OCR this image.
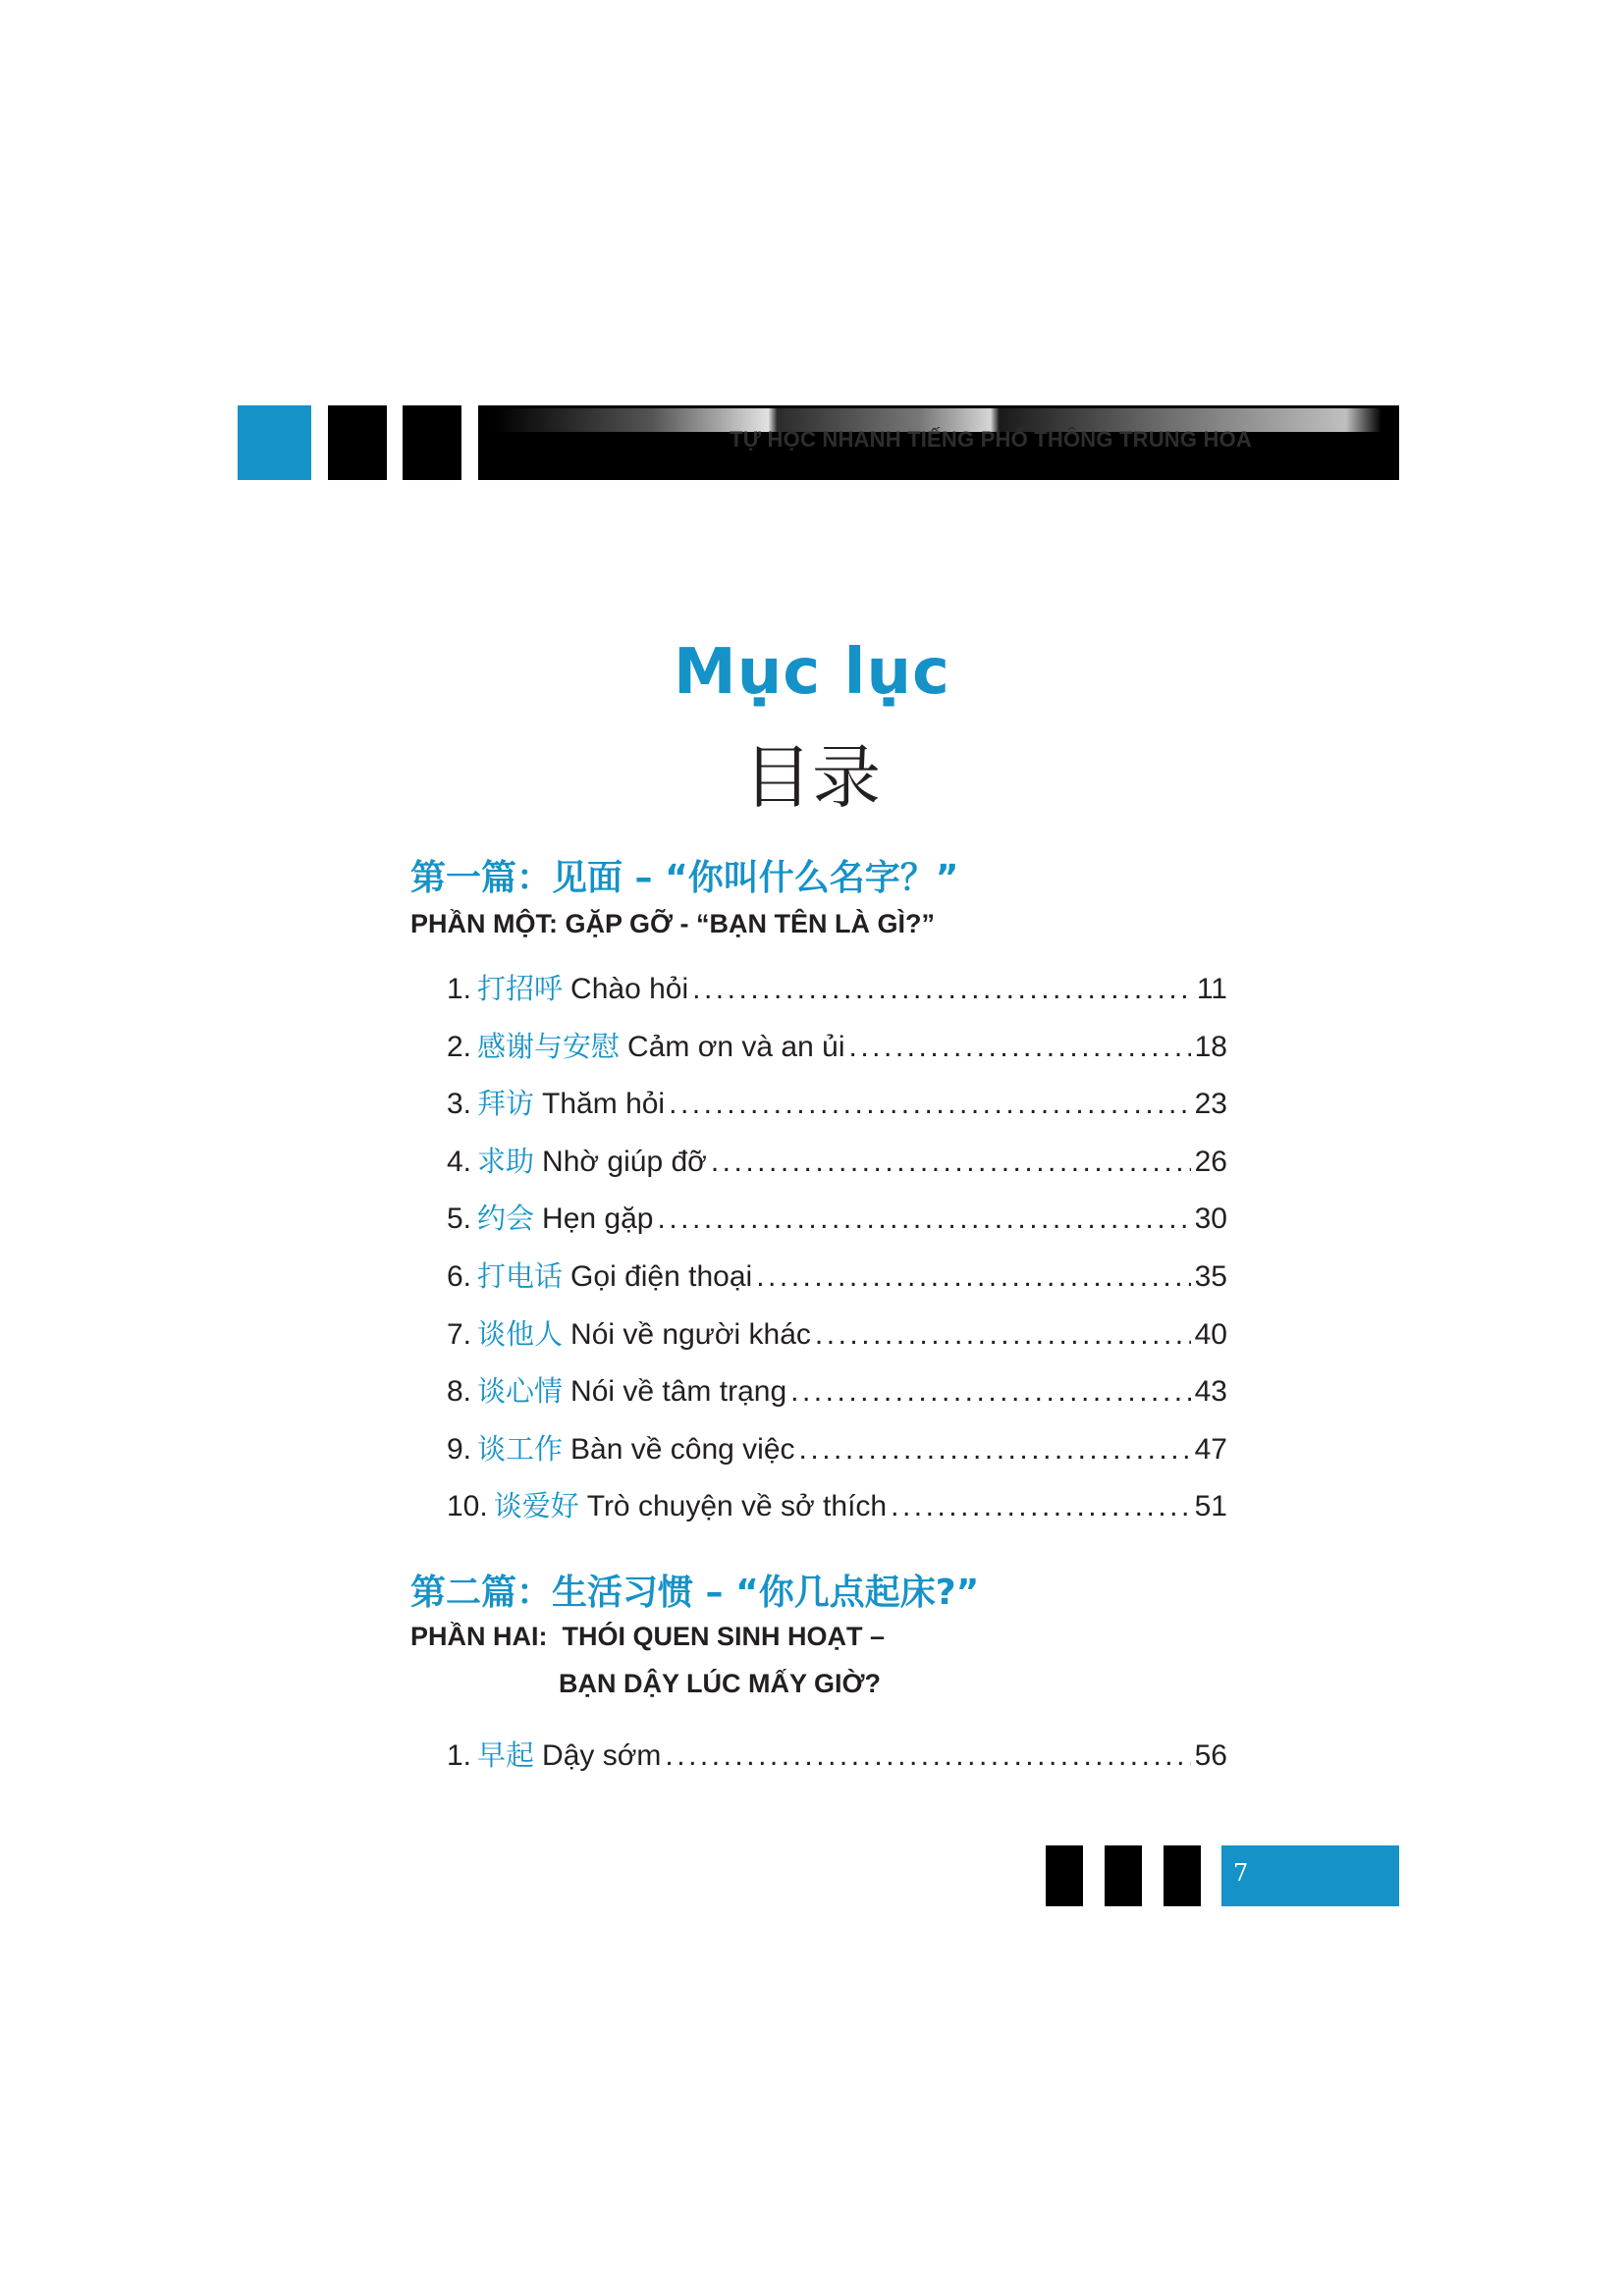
TỰ HỌC NHANH TIẾNG PHỔ THÔNG TRUNG HOA
Mục lục
目录
第一篇：见面 – “你叫什么名字？”
PHẦN MỘT: GẶP GỠ - “BẠN TÊN LÀ GÌ?”
1. 打招呼 Chào hỏi .....	11
2. 感谢与安慰 Cảm ơn và an ủi .....	18
3. 拜访 Thăm hỏi .....	23
4. 求助 Nhờ giúp đỡ .....	26
5. 约会 Hẹn gặp .....	30
6. 打电话 Gọi điện thoại .....	35
7. 谈他人 Nói về người khác .....	40
8. 谈心情 Nói về tâm trạng .....	43
9. 谈工作 Bàn về công việc .....	47
10. 谈爱好 Trò chuyện về sở thích .....	51
第二篇：生活习惯 – “你几点起床?”
PHẦN HAI:  THÓI QUEN SINH HOẠT –
BẠN DẬY LÚC MẤY GIỜ?
1. 早起 Dậy sớm .....	56
7
